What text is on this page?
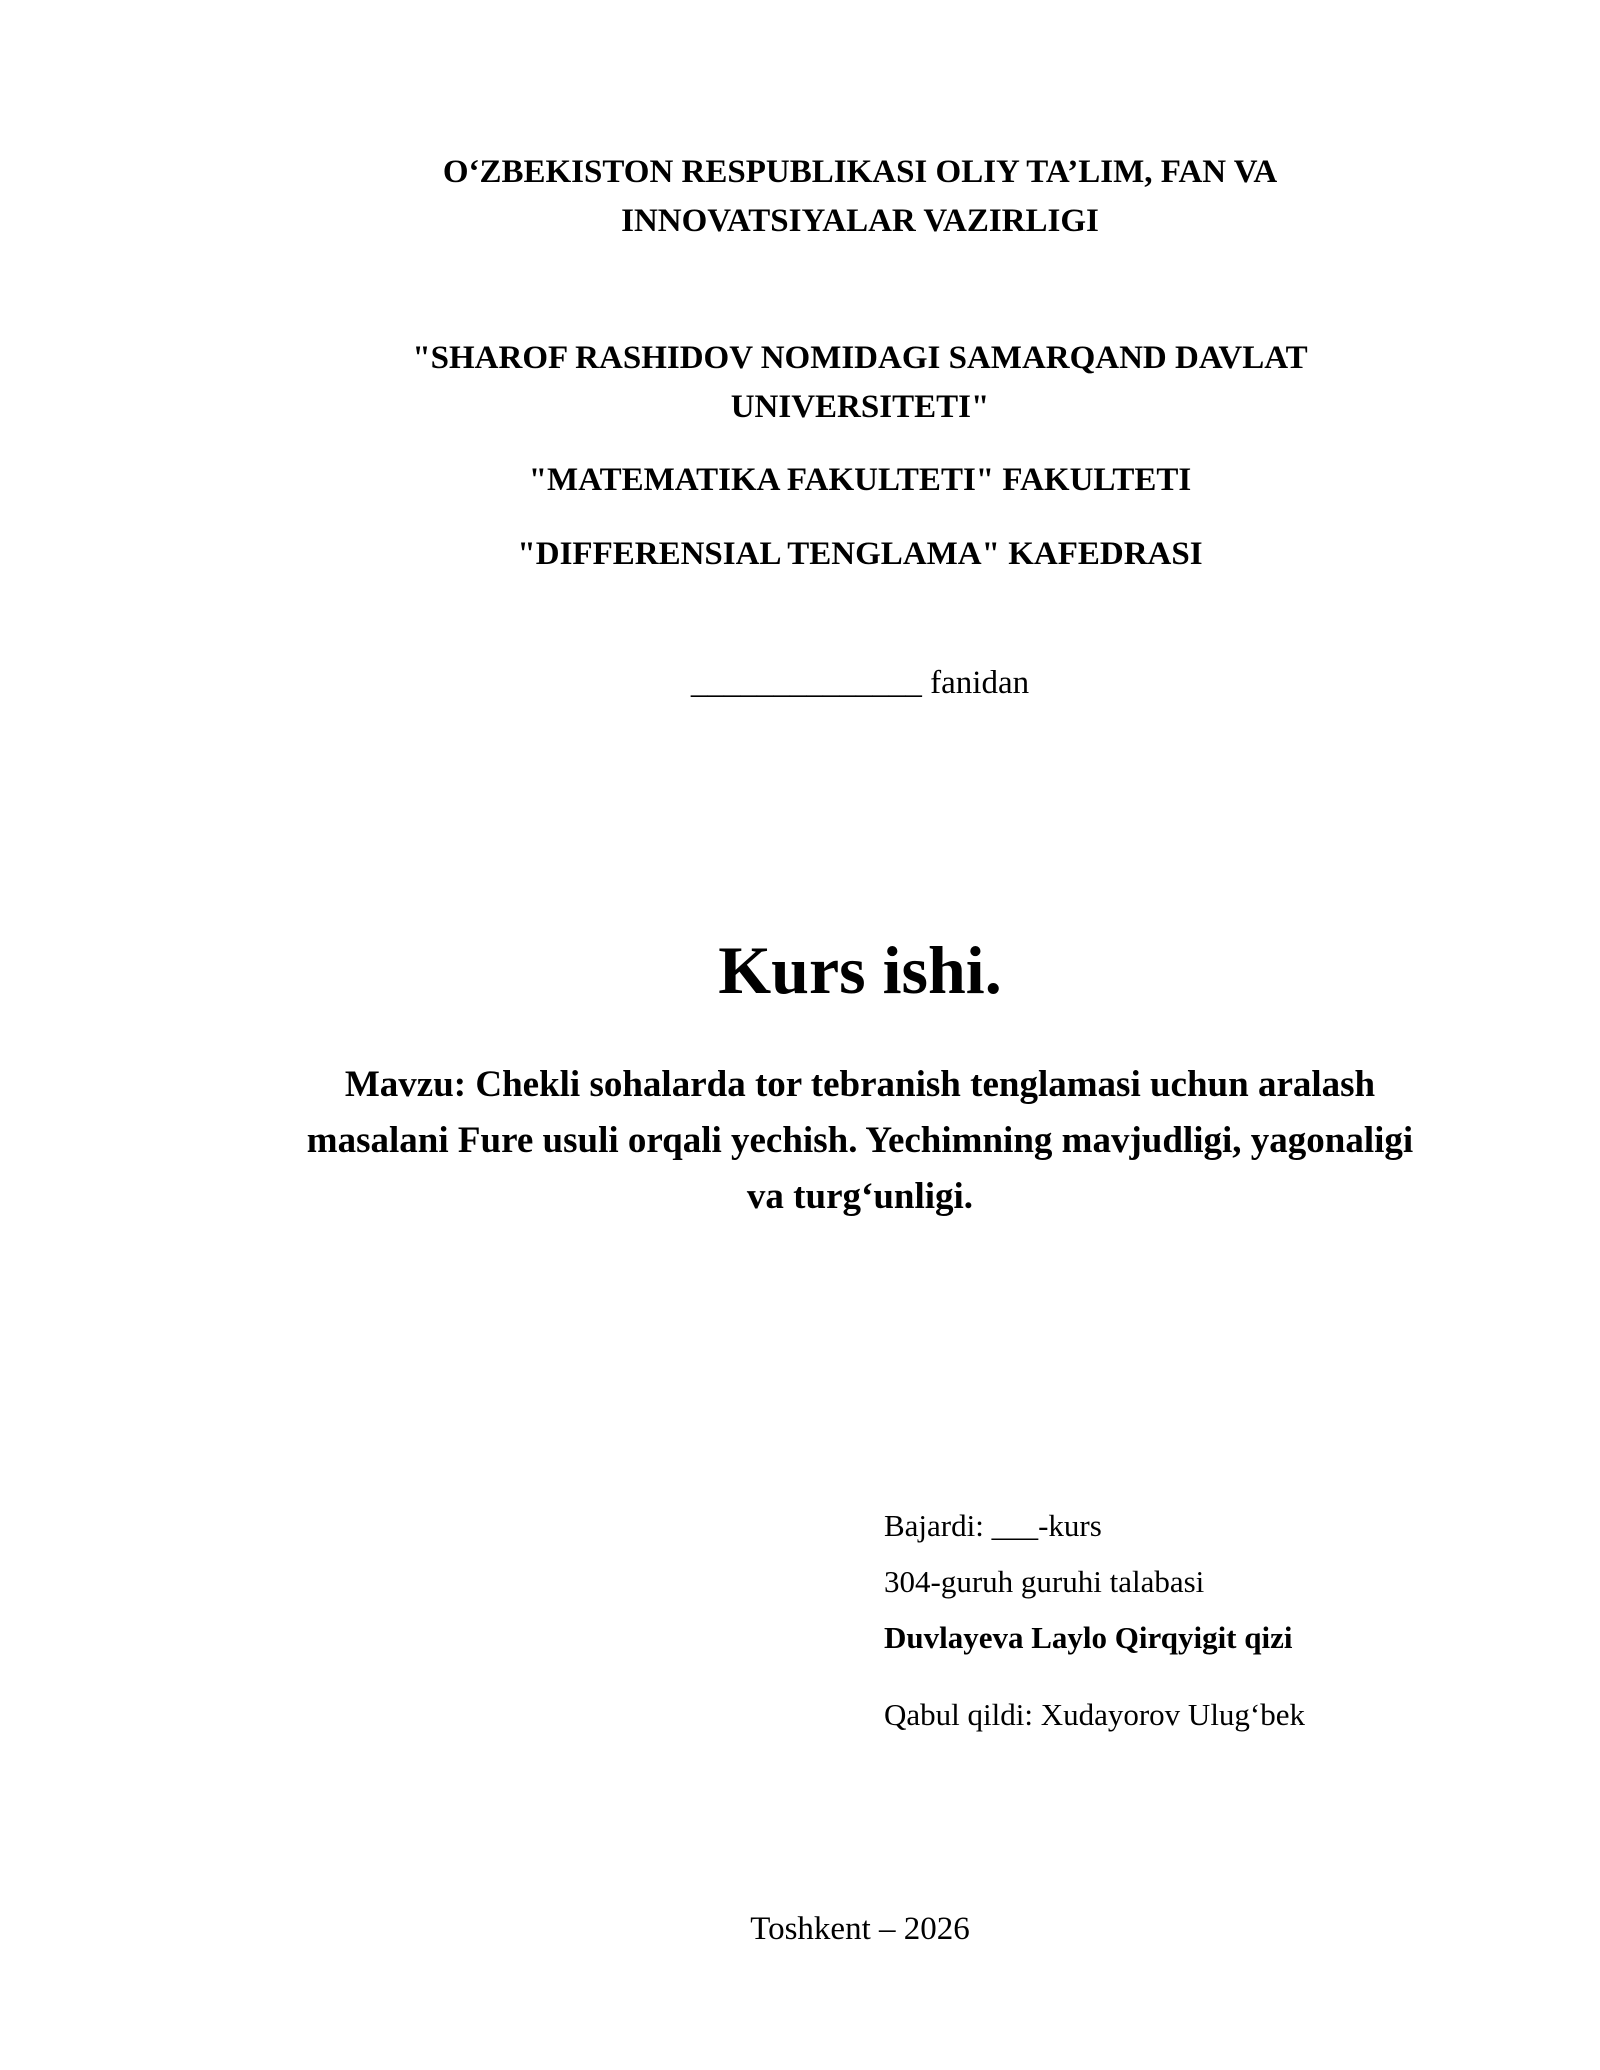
O‘ZBEKISTON RESPUBLIKASI OLIY TA’LIM, FAN VA
INNOVATSIYALAR VAZIRLIGI
"SHAROF RASHIDOV NOMIDAGI SAMARQAND DAVLAT
UNIVERSITETI"
"MATEMATIKA FAKULTETI" FAKULTETI
"DIFFERENSIAL TENGLAMA" KAFEDRASI
______________ fanidan
Kurs ishi.
Mavzu: Chekli sohalarda tor tebranish tenglamasi uchun aralash
masalani Fure usuli orqali yechish. Yechimning mavjudligi, yagonaligi
va turg‘unligi.
Bajardi: ___-kurs
304-guruh guruhi talabasi
Duvlayeva Laylo Qirqyigit qizi
Qabul qildi: Xudayorov Ulug‘bek
Toshkent – 2026
